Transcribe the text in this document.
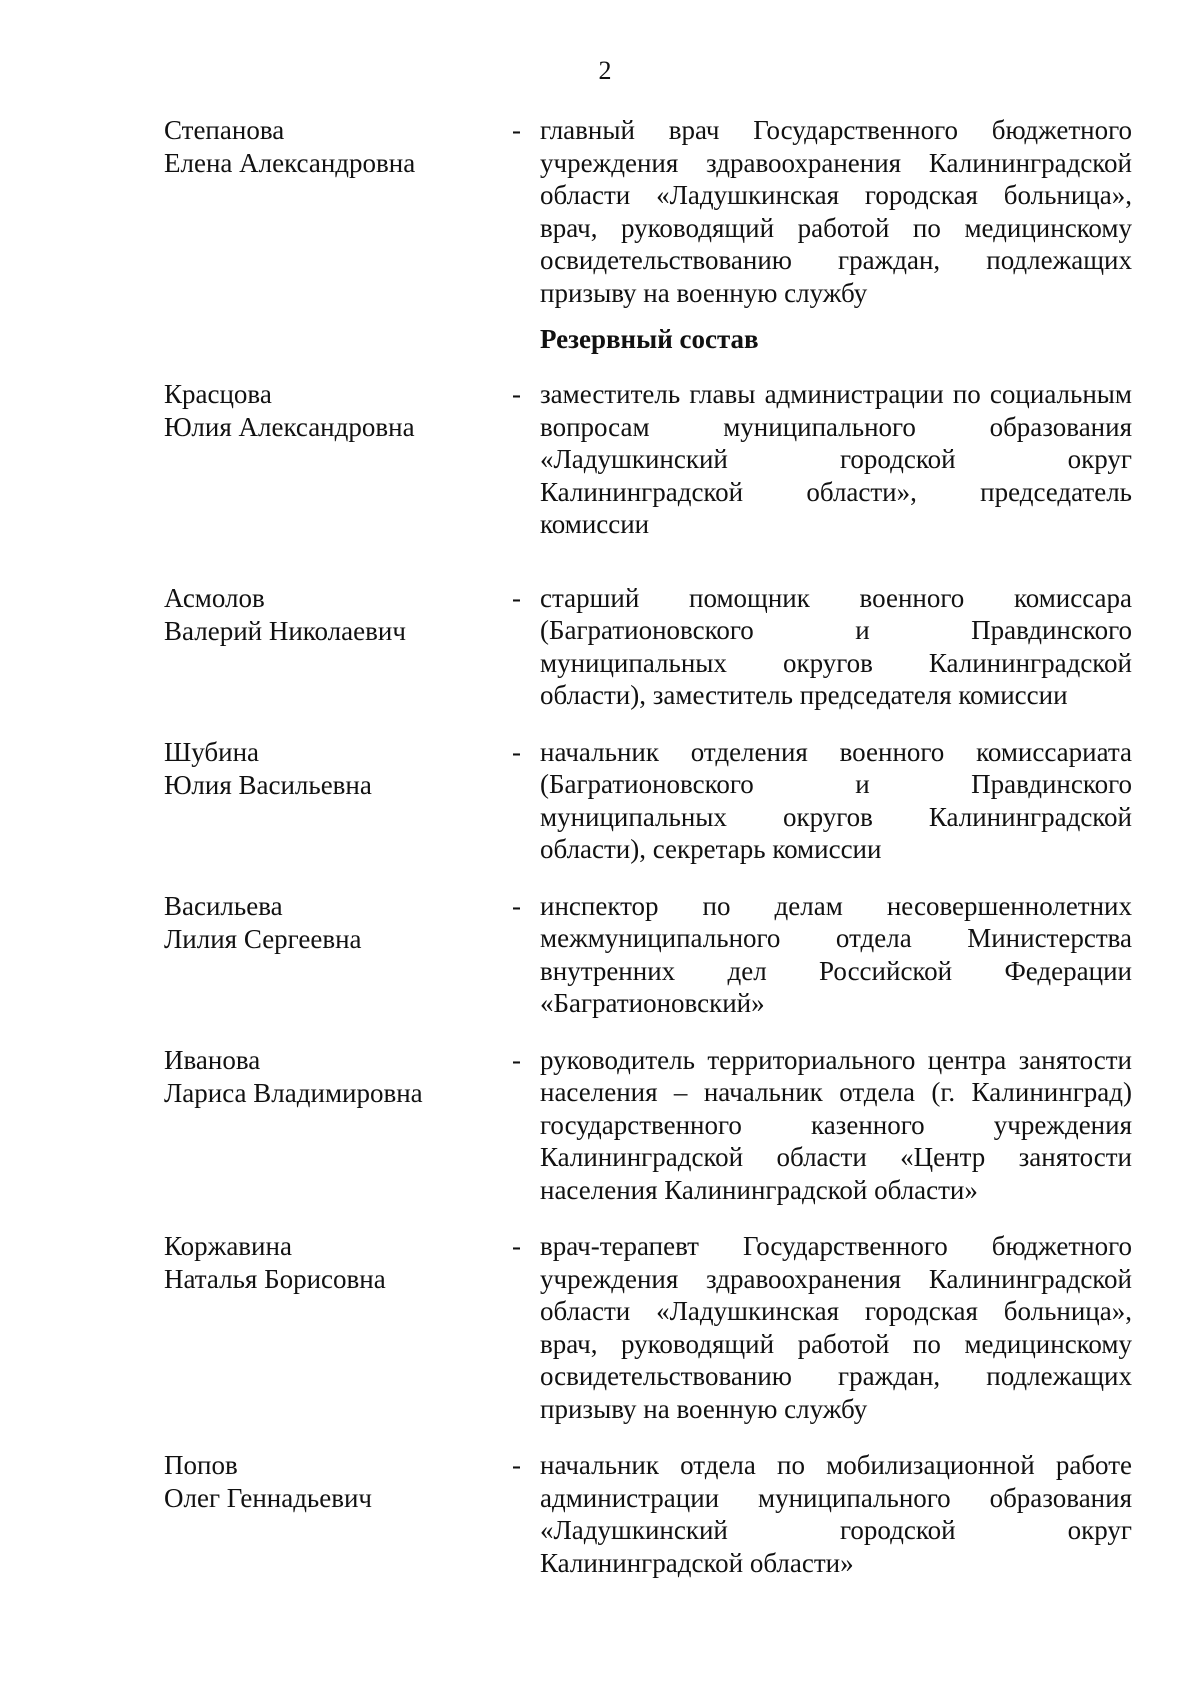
2
Степанова
Елена Александровна
- главный врач Государственного бюджетного
учреждения здравоохранения Калининградской
области «Ладушкинская городская больница»,
врач, руководящий работой по медицинскому
освидетельствованию граждан, подлежащих
призыву на военную службу
Резервный состав
Красцова
Юлия Александровна
- заместитель главы администрации по социальным
вопросам муниципального образования
«Ладушкинский городской округ
Калининградской области», председатель
комиссии
Асмолов
Валерий Николаевич
- старший помощник военного комиссара
(Багратионовского и Правдинского
муниципальных округов Калининградской
области), заместитель председателя комиссии
Шубина
Юлия Васильевна
- начальник отделения военного комиссариата
(Багратионовского и Правдинского
муниципальных округов Калининградской
области), секретарь комиссии
Васильева
Лилия Сергеевна
- инспектор по делам несовершеннолетних
межмуниципального отдела Министерства
внутренних дел Российской Федерации
«Багратионовский»
Иванова
Лариса Владимировна
- руководитель территориального центра занятости
населения – начальник отдела (г. Калининград)
государственного казенного учреждения
Калининградской области «Центр занятости
населения Калининградской области»
Коржавина
Наталья Борисовна
- врач-терапевт Государственного бюджетного
учреждения здравоохранения Калининградской
области «Ладушкинская городская больница»,
врач, руководящий работой по медицинскому
освидетельствованию граждан, подлежащих
призыву на военную службу
Попов
Олег Геннадьевич
- начальник отдела по мобилизационной работе
администрации муниципального образования
«Ладушкинский городской округ
Калининградской области»
